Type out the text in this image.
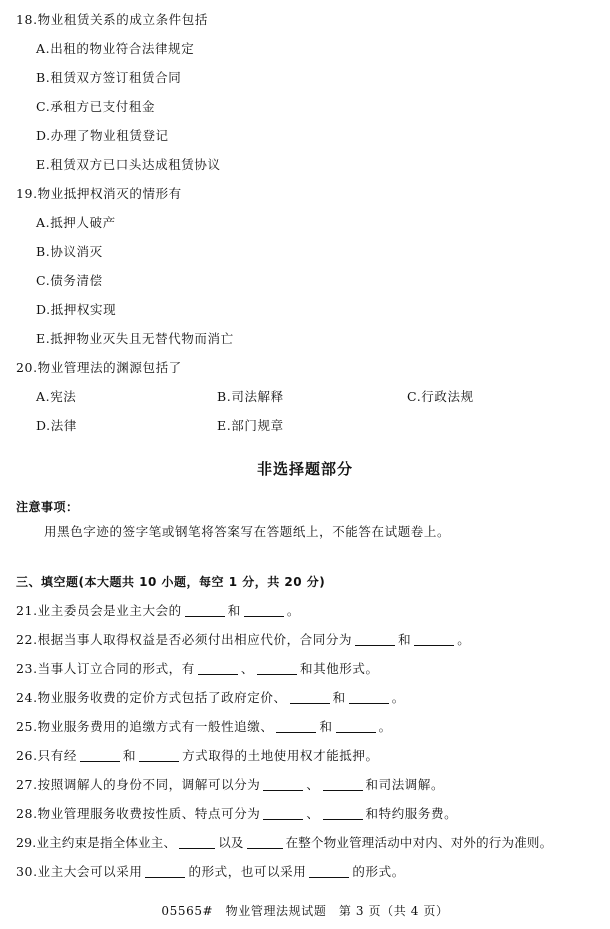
18.物业租赁关系的成立条件包括
A.出租的物业符合法律规定
B.租赁双方签订租赁合同
C.承租方已支付租金
D.办理了物业租赁登记
E.租赁双方已口头达成租赁协议
19.物业抵押权消灭的情形有
A.抵押人破产
B.协议消灭
C.债务清偿
D.抵押权实现
E.抵押物业灭失且无替代物而消亡
20.物业管理法的渊源包括了
A.宪法	B.司法解释	C.行政法规
D.法律	E.部门规章
非选择题部分
注意事项：
用黑色字迹的签字笔或钢笔将答案写在答题纸上，不能答在试题卷上。
三、填空题(本大题共 10 小题，每空 1 分，共 20 分)
21.业主委员会是业主大会的	和	。
22.根据当事人取得权益是否必须付出相应代价，合同分为	和	。
23.当事人订立合同的形式，有	、	和其他形式。
24.物业服务收费的定价方式包括了政府定价、	和	。
25.物业服务费用的追缴方式有一般性追缴、	和	。
26.只有经	和	方式取得的土地使用权才能抵押。
27.按照调解人的身份不同，调解可以分为	、	和司法调解。
28.物业管理服务收费按性质、特点可分为	、	和特约服务费。
29.业主约束是指全体业主、	以及	在整个物业管理活动中对内、对外的行为准则。
30.业主大会可以采用	的形式，也可以采用	的形式。
05565# 物业管理法规试题 第 3 页（共 4 页）
